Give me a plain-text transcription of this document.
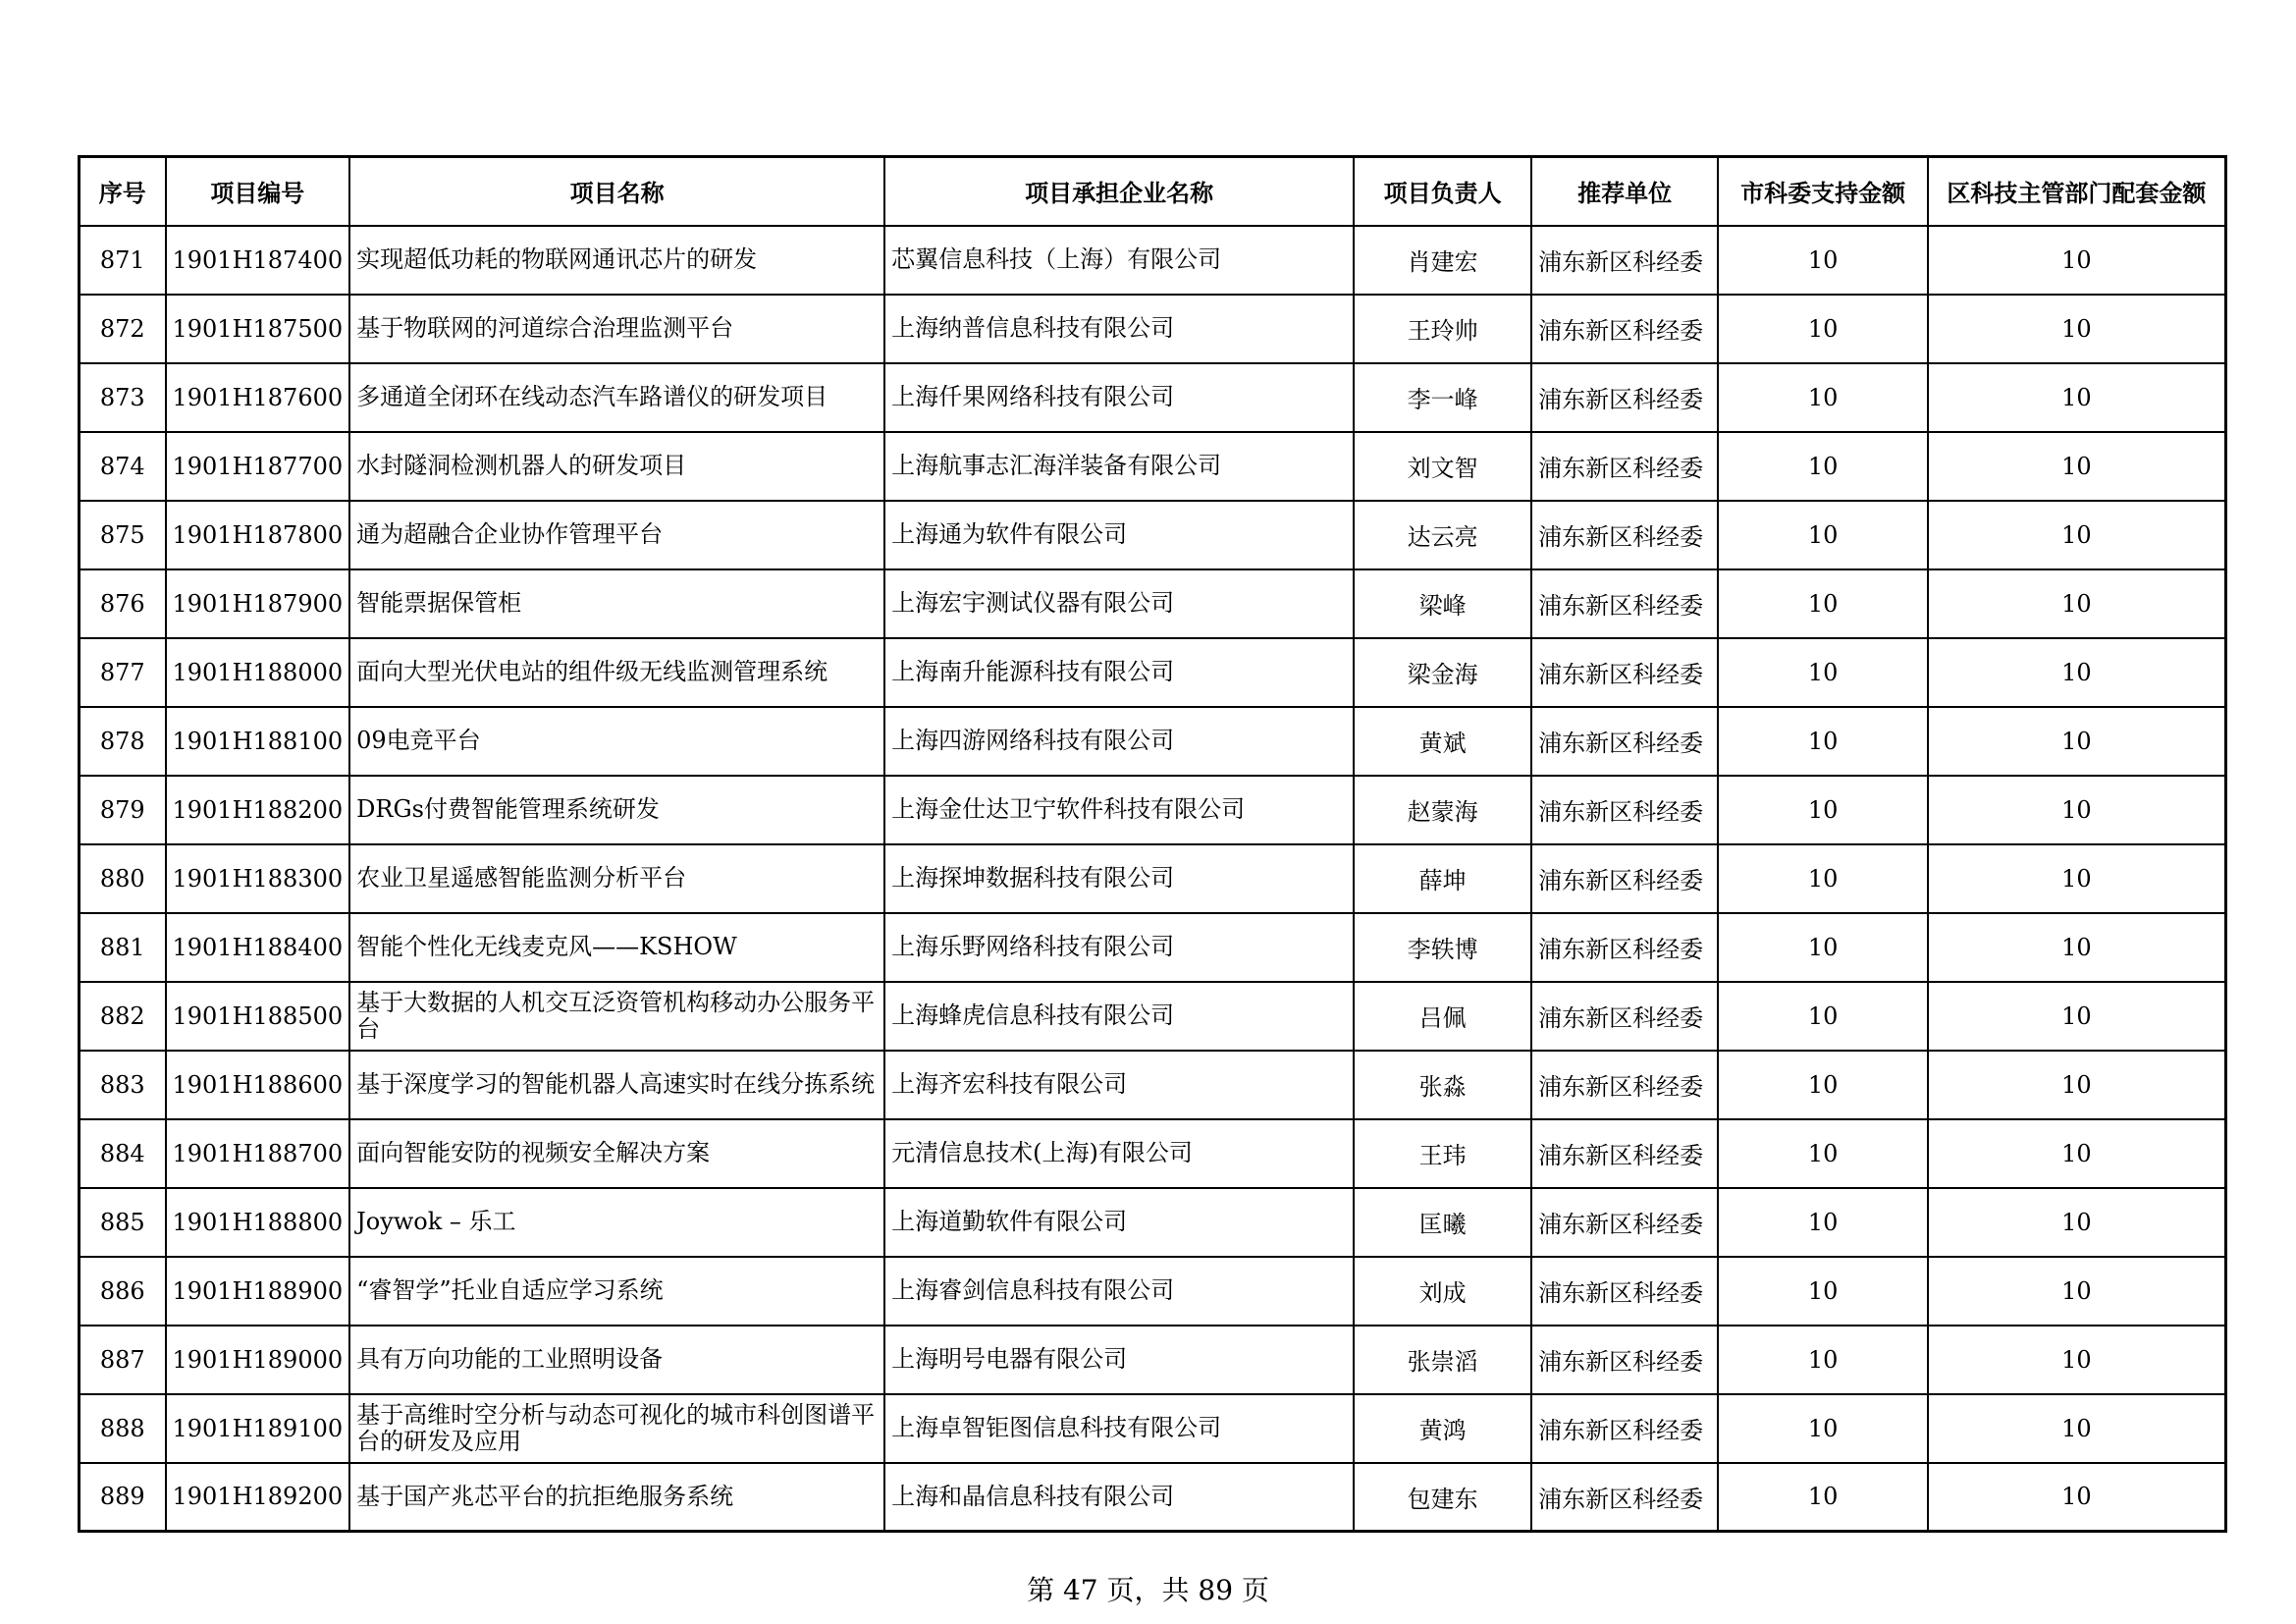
序号	项目编号	项目名称	项目承担企业名称	项目负责人	推荐单位	市科委支持金额	区科技主管部门配套金额
871	1901H187400	实现超低功耗的物联网通讯芯片的研发	芯翼信息科技（上海）有限公司	肖建宏	浦东新区科经委	10	10
872	1901H187500	基于物联网的河道综合治理监测平台	上海纳普信息科技有限公司	王玲帅	浦东新区科经委	10	10
873	1901H187600	多通道全闭环在线动态汽车路谱仪的研发项目	上海仟果网络科技有限公司	李一峰	浦东新区科经委	10	10
874	1901H187700	水封隧洞检测机器人的研发项目	上海航事志汇海洋装备有限公司	刘文智	浦东新区科经委	10	10
875	1901H187800	通为超融合企业协作管理平台	上海通为软件有限公司	达云亮	浦东新区科经委	10	10
876	1901H187900	智能票据保管柜	上海宏宇测试仪器有限公司	梁峰	浦东新区科经委	10	10
877	1901H188000	面向大型光伏电站的组件级无线监测管理系统	上海南升能源科技有限公司	梁金海	浦东新区科经委	10	10
878	1901H188100	09电竞平台	上海四游网络科技有限公司	黄斌	浦东新区科经委	10	10
879	1901H188200	DRGs付费智能管理系统研发	上海金仕达卫宁软件科技有限公司	赵蒙海	浦东新区科经委	10	10
880	1901H188300	农业卫星遥感智能监测分析平台	上海探坤数据科技有限公司	薛坤	浦东新区科经委	10	10
881	1901H188400	智能个性化无线麦克风——KSHOW	上海乐野网络科技有限公司	李轶博	浦东新区科经委	10	10
882	1901H188500	基于大数据的人机交互泛资管机构移动办公服务平台	上海蜂虎信息科技有限公司	吕佩	浦东新区科经委	10	10
883	1901H188600	基于深度学习的智能机器人高速实时在线分拣系统	上海齐宏科技有限公司	张淼	浦东新区科经委	10	10
884	1901H188700	面向智能安防的视频安全解决方案	元清信息技术(上海)有限公司	王玮	浦东新区科经委	10	10
885	1901H188800	Joywok – 乐工	上海道勤软件有限公司	匡曦	浦东新区科经委	10	10
886	1901H188900	“睿智学”托业自适应学习系统	上海睿剑信息科技有限公司	刘成	浦东新区科经委	10	10
887	1901H189000	具有万向功能的工业照明设备	上海明号电器有限公司	张崇滔	浦东新区科经委	10	10
888	1901H189100	基于高维时空分析与动态可视化的城市科创图谱平台的研发及应用	上海卓智钜图信息科技有限公司	黄鸿	浦东新区科经委	10	10
889	1901H189200	基于国产兆芯平台的抗拒绝服务系统	上海和晶信息科技有限公司	包建东	浦东新区科经委	10	10
第 47 页，共 89 页
